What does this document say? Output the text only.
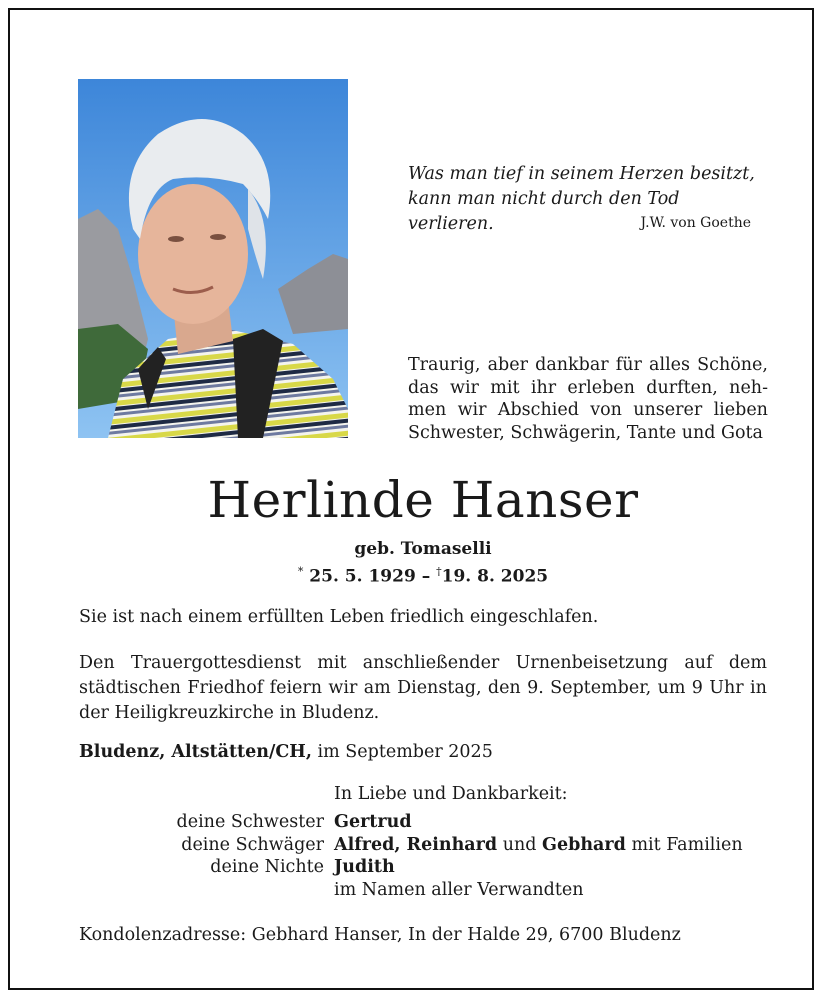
Was man tief in seinem Herzen besitzt,
kann man nicht durch den Tod verlieren.	J.W. von Goethe
Traurig, aber dankbar für alles Schöne,
das wir mit ihr erleben durften, neh-
men wir Abschied von unserer lieben
Schwester, Schwägerin, Tante und Gota
Herlinde Hanser
geb. Tomaselli
* 25. 5. 1929 – †19. 8. 2025
Sie ist nach einem erfüllten Leben friedlich eingeschlafen.
Den Trauergottesdienst mit anschließender Urnenbeisetzung auf dem
städtischen Friedhof feiern wir am Dienstag, den 9. September, um 9 Uhr in
der Heiligkreuzkirche in Bludenz.
Bludenz, Altstätten/CH, im September 2025
In Liebe und Dankbarkeit:
deine Schwester Gertrud
deine Schwäger Alfred, Reinhard und Gebhard mit Familien
deine Nichte Judith
im Namen aller Verwandten
Kondolenzadresse: Gebhard Hanser, In der Halde 29, 6700 Bludenz
